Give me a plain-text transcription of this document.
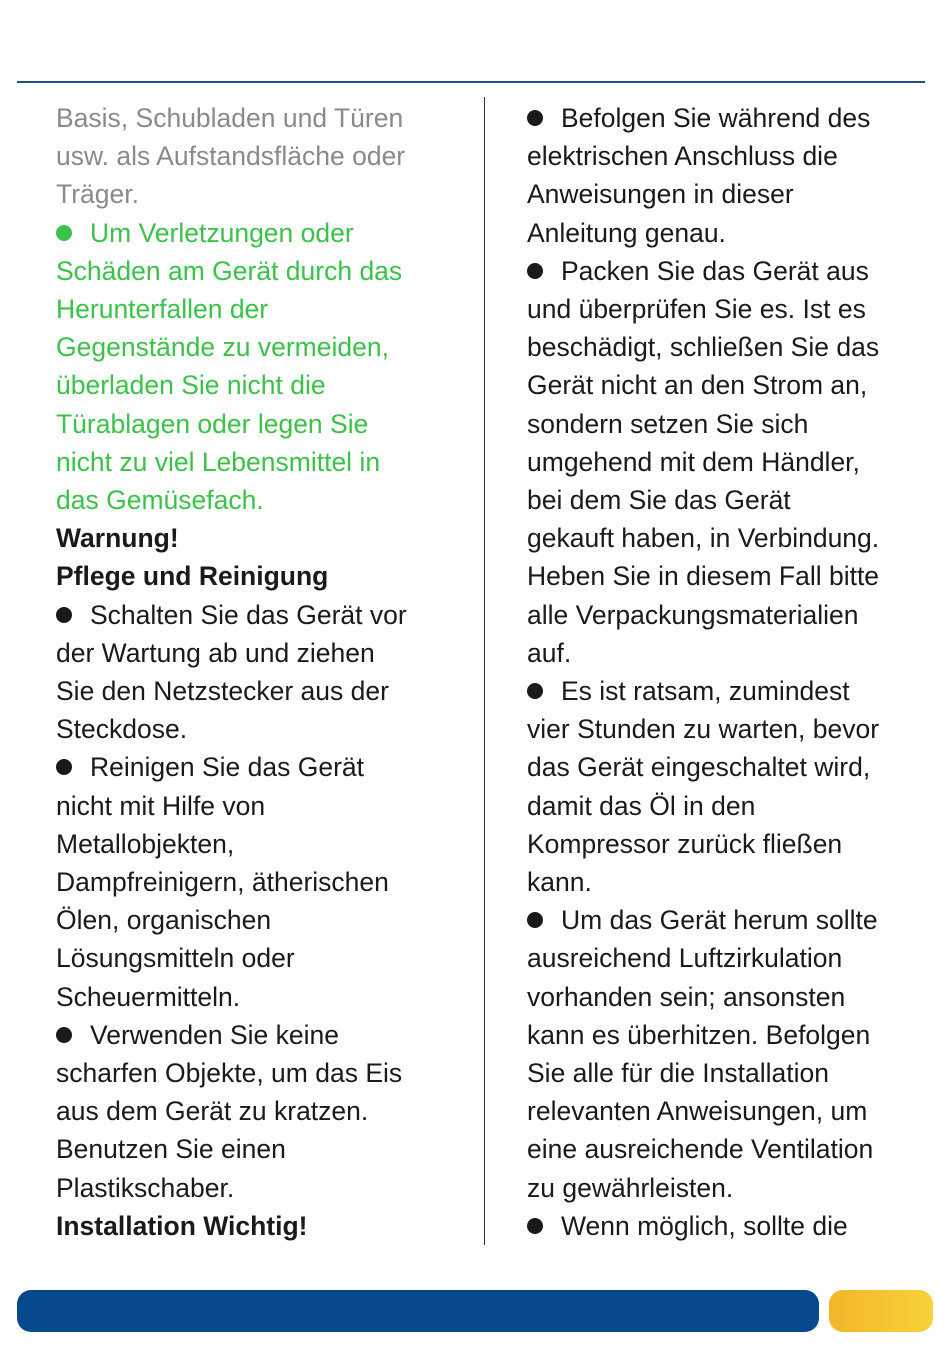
Basis, Schubladen und Türen
usw. als Aufstandsfläche oder
Träger.
Um Verletzungen oder
Schäden am Gerät durch das
Herunterfallen der
Gegenstände zu vermeiden,
überladen Sie nicht die
Türablagen oder legen Sie
nicht zu viel Lebensmittel in
das Gemüsefach.
Warnung!
Pflege und Reinigung
Schalten Sie das Gerät vor
der Wartung ab und ziehen
Sie den Netzstecker aus der
Steckdose.
Reinigen Sie das Gerät
nicht mit Hilfe von
Metallobjekten,
Dampfreinigern, ätherischen
Ölen, organischen
Lösungsmitteln oder
Scheuermitteln.
Verwenden Sie keine
scharfen Objekte, um das Eis
aus dem Gerät zu kratzen.
Benutzen Sie einen
Plastikschaber.
Installation Wichtig!
Befolgen Sie während des
elektrischen Anschluss die
Anweisungen in dieser
Anleitung genau.
Packen Sie das Gerät aus
und überprüfen Sie es. Ist es
beschädigt, schließen Sie das
Gerät nicht an den Strom an,
sondern setzen Sie sich
umgehend mit dem Händler,
bei dem Sie das Gerät
gekauft haben, in Verbindung.
Heben Sie in diesem Fall bitte
alle Verpackungsmaterialien
auf.
Es ist ratsam, zumindest
vier Stunden zu warten, bevor
das Gerät eingeschaltet wird,
damit das Öl in den
Kompressor zurück fließen
kann.
Um das Gerät herum sollte
ausreichend Luftzirkulation
vorhanden sein; ansonsten
kann es überhitzen. Befolgen
Sie alle für die Installation
relevanten Anweisungen, um
eine ausreichende Ventilation
zu gewährleisten.
Wenn möglich, sollte die
